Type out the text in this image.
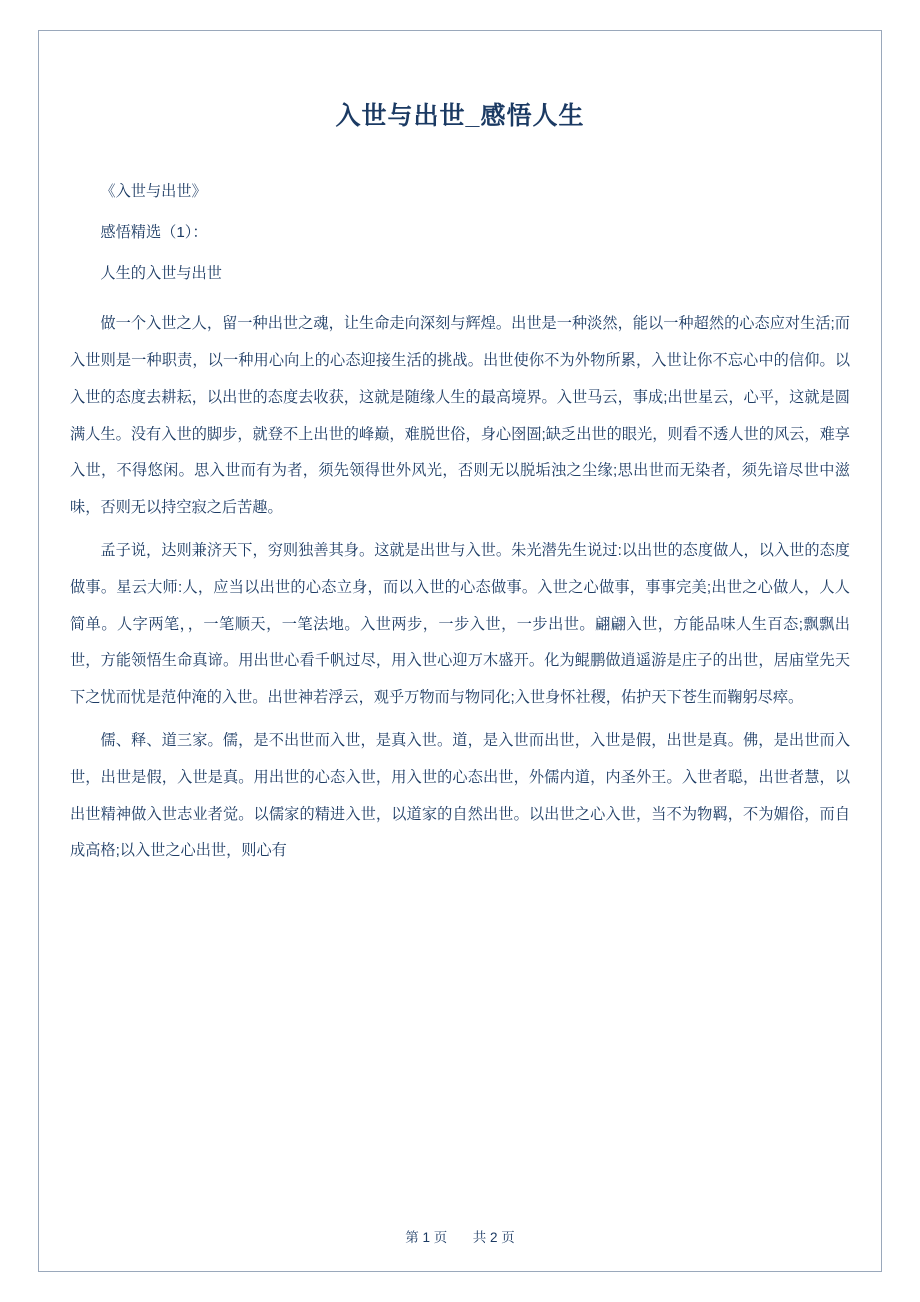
入世与出世_感悟人生

《入世与出世》

感悟精选（1）：

人生的入世与出世

做一个入世之人，留一种出世之魂，让生命走向深刻与辉煌。出世是一种淡然，能以一种超然的心态应对生活;而入世则是一种职责，以一种用心向上的心态迎接生活的挑战。出世使你不为外物所累，入世让你不忘心中的信仰。以入世的态度去耕耘，以出世的态度去收获，这就是随缘人生的最高境界。入世马云，事成;出世星云，心平，这就是圆满人生。没有入世的脚步，就登不上出世的峰巅，难脱世俗，身心囹圄;缺乏出世的眼光，则看不透人世的风云，难享入世，不得悠闲。思入世而有为者，须先领得世外风光，否则无以脱垢浊之尘缘;思出世而无染者，须先谙尽世中滋味，否则无以持空寂之后苦趣。

孟子说，达则兼济天下，穷则独善其身。这就是出世与入世。朱光潜先生说过:以出世的态度做人，以入世的态度做事。星云大师:人，应当以出世的心态立身，而以入世的心态做事。入世之心做事，事事完美;出世之心做人，人人简单。人字两笔，，一笔顺天，一笔法地。入世两步，一步入世，一步出世。翩翩入世，方能品味人生百态;飘飘出世，方能领悟生命真谛。用出世心看千帆过尽，用入世心迎万木盛开。化为鲲鹏做逍遥游是庄子的出世，居庙堂先天下之忧而忧是范仲淹的入世。出世神若浮云，观乎万物而与物同化;入世身怀社稷，佑护天下苍生而鞠躬尽瘁。

儒、释、道三家。儒，是不出世而入世，是真入世。道，是入世而出世，入世是假，出世是真。佛，是出世而入世，出世是假，入世是真。用出世的心态入世，用入世的心态出世，外儒内道，内圣外王。入世者聪，出世者慧，以出世精神做入世志业者觉。以儒家的精进入世，以道家的自然出世。以出世之心入世，当不为物羁，不为媚俗，而自成高格;以入世之心出世，则心有

第 1 页 共 2 页
